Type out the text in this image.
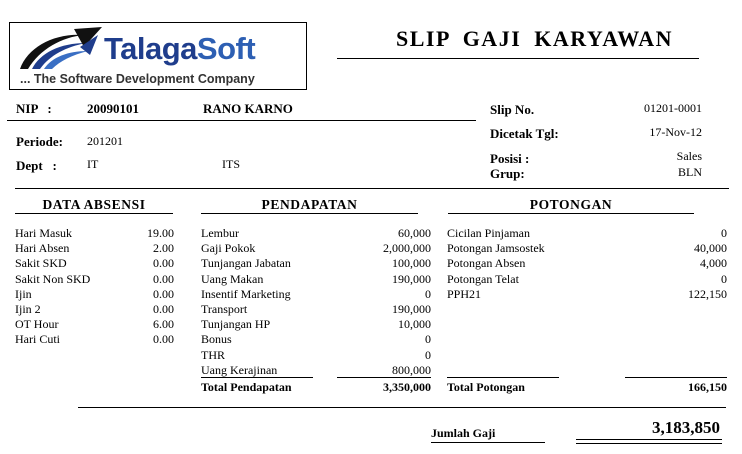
TalagaSoft
... The Software Development Company
SLIP GAJI KARYAWAN
NIP   :	20090101	RANO KARNO
Periode: 201201
Dept   :	IT	ITS
Slip No.	01201-0001
Dicetak Tgl:	17-Nov-12
Posisi :	Sales
Grup:	BLN
DATA ABSENSI	PENDAPATAN	POTONGAN
Hari Masuk	19.00
Hari Absen	2.00
Sakit SKD	0.00
Sakit Non SKD	0.00
Ijin	0.00
Ijin 2	0.00
OT Hour	6.00
Hari Cuti	0.00
Lembur	60,000
Gaji Pokok	2,000,000
Tunjangan Jabatan	100,000
Uang Makan	190,000
Insentif Marketing	0
Transport	190,000
Tunjangan HP	10,000
Bonus	0
THR	0
Uang Kerajinan	800,000
Total Pendapatan	3,350,000
Cicilan Pinjaman	0
Potongan Jamsostek	40,000
Potongan Absen	4,000
Potongan Telat	0
PPH21	122,150
Total Potongan	166,150
Jumlah Gaji	3,183,850
